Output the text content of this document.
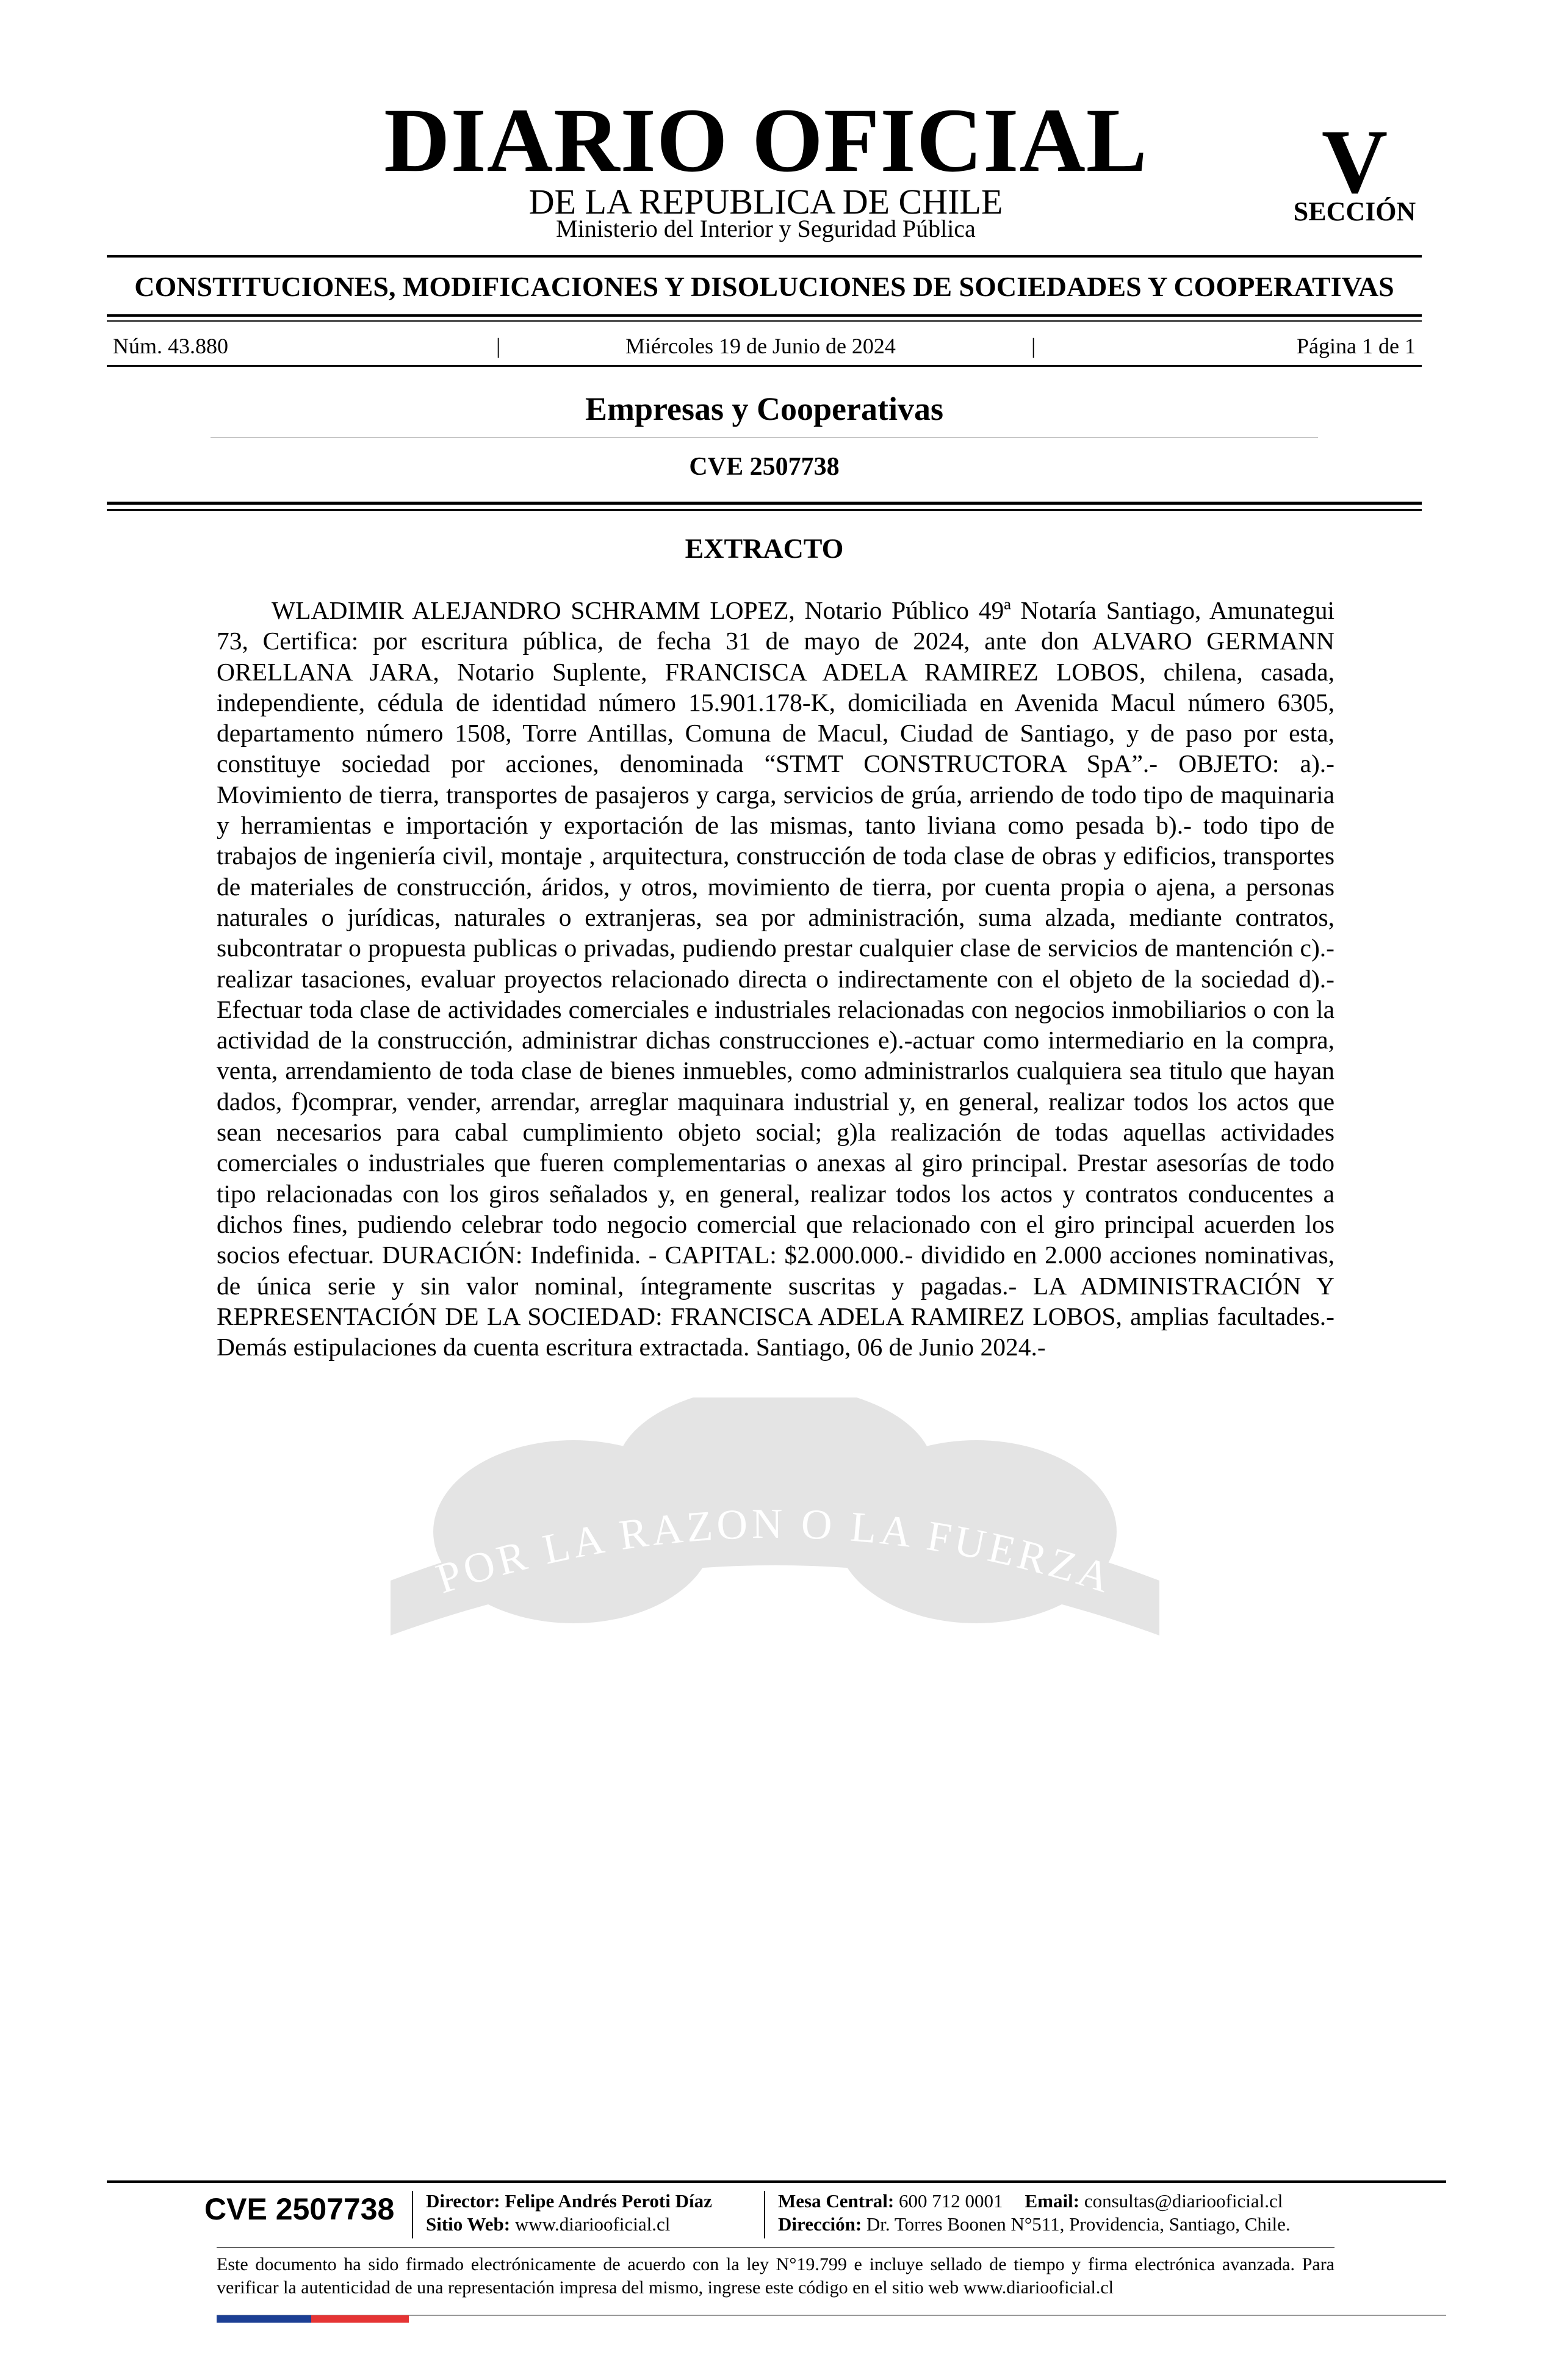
DIARIO OFICIAL
DE LA REPUBLICA DE CHILE
Ministerio del Interior y Seguridad Pública
V
SECCIÓN
CONSTITUCIONES, MODIFICACIONES Y DISOLUCIONES DE SOCIEDADES Y COOPERATIVAS
Núm. 43.880	|	Miércoles 19 de Junio de 2024	|	Página 1 de 1
Empresas y Cooperativas
CVE 2507738
POR LA RAZON O LA FUERZA
EXTRACTO

WLADIMIR ALEJANDRO SCHRAMM LOPEZ, Notario Público 49ª Notaría Santiago, Amunategui 73, Certifica: por escritura pública, de fecha 31 de mayo de 2024, ante don ALVARO GERMANN ORELLANA JARA, Notario Suplente, FRANCISCA ADELA RAMIREZ LOBOS, chilena, casada, independiente, cédula de identidad número 15.901.178-K, domiciliada en Avenida Macul número 6305, departamento número 1508, Torre Antillas, Comuna de Macul, Ciudad de Santiago, y de paso por esta, constituye sociedad por acciones, denominada “STMT CONSTRUCTORA SpA”.- OBJETO: a).- Movimiento de tierra, transportes de pasajeros y carga, servicios de grúa, arriendo de todo tipo de maquinaria y herramientas e importación y exportación de las mismas, tanto liviana como pesada b).- todo tipo de trabajos de ingeniería civil, montaje , arquitectura, construcción de toda clase de obras y edificios, transportes de materiales de construcción, áridos, y otros, movimiento de tierra, por cuenta propia o ajena, a personas naturales o jurídicas, naturales o extranjeras, sea por administración, suma alzada, mediante contratos, subcontratar o propuesta publicas o privadas, pudiendo prestar cualquier clase de servicios de mantención c).-realizar tasaciones, evaluar proyectos relacionado directa o indirectamente con el objeto de la sociedad d).- Efectuar toda clase de actividades comerciales e industriales relacionadas con negocios inmobiliarios o con la actividad de la construcción, administrar dichas construcciones e).-actuar como intermediario en la compra, venta, arrendamiento de toda clase de bienes inmuebles, como administrarlos cualquiera sea titulo que hayan dados, f)comprar, vender, arrendar, arreglar maquinara industrial y, en general, realizar todos los actos que sean necesarios para cabal cumplimiento objeto social; g)la realización de todas aquellas actividades comerciales o industriales que fueren complementarias o anexas al giro principal. Prestar asesorías de todo tipo relacionadas con los giros señalados y, en general, realizar todos los actos y contratos conducentes a dichos fines, pudiendo celebrar todo negocio comercial que relacionado con el giro principal acuerden los socios efectuar. DURACIÓN: Indefinida. - CAPITAL: $2.000.000.- dividido en 2.000 acciones nominativas, de única serie y sin valor nominal, íntegramente suscritas y pagadas.- LA ADMINISTRACIÓN Y REPRESENTACIÓN DE LA SOCIEDAD: FRANCISCA ADELA RAMIREZ LOBOS, amplias facultades.- Demás estipulaciones da cuenta escritura extractada. Santiago, 06 de Junio 2024.-

CVE 2507738	Director: Felipe Andrés Peroti Díaz
Sitio Web: www.diariooficial.cl
Mesa Central: 600 712 0001 Email: consultas@diariooficial.cl
Dirección: Dr. Torres Boonen N°511, Providencia, Santiago, Chile.
Este documento ha sido firmado electrónicamente de acuerdo con la ley N°19.799 e incluye sellado de tiempo y firma electrónica avanzada. Para verificar la autenticidad de una representación impresa del mismo, ingrese este código en el sitio web www.diariooficial.cl
